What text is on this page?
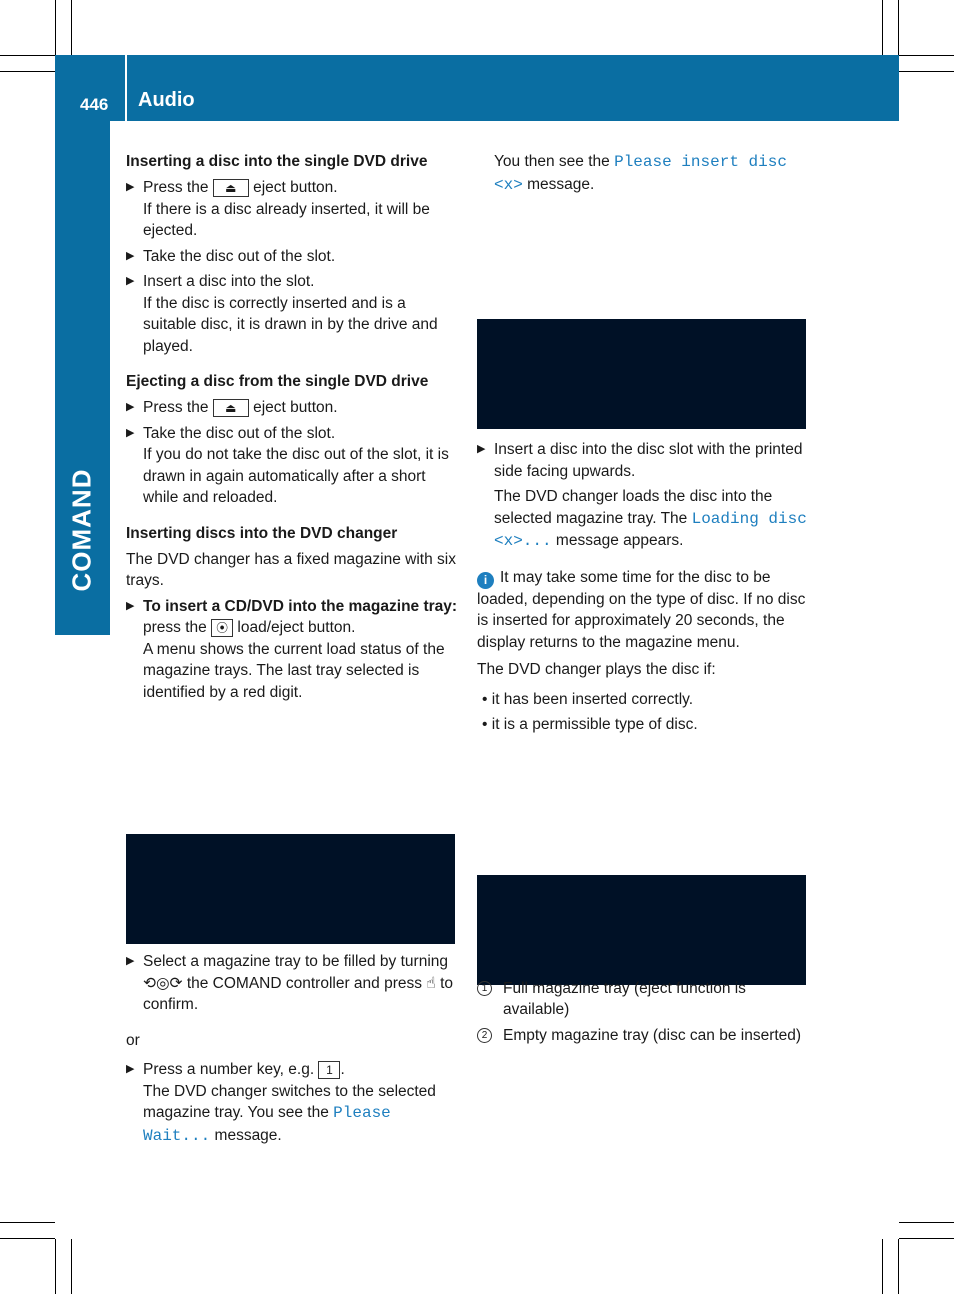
446 Audio
COMAND
Inserting a disc into the single DVD drive
▶ Press the ⏏ eject button.
If there is a disc already inserted, it will be ejected.
▶ Take the disc out of the slot.
▶ Insert a disc into the slot.
If the disc is correctly inserted and is a suitable disc, it is drawn in by the drive and played.
Ejecting a disc from the single DVD drive
▶ Press the ⏏ eject button.
▶ Take the disc out of the slot.
If you do not take the disc out of the slot, it is drawn in again automatically after a short while and reloaded.
Inserting discs into the DVD changer

The DVD changer has a fixed magazine with six trays.

▶ To insert a CD/DVD into the magazine tray: press the ⦿ load/eject button.
A menu shows the current load status of the magazine trays. The last tray selected is identified by a red digit.
▶ Select a magazine tray to be filled by turning ⟲◎⟳ the COMAND controller and press ☝ to confirm.

or

▶ Press a number key, e.g. 1 .
The DVD changer switches to the selected magazine tray. You see the Please Wait... message.

You then see the Please insert disc <x> message.

▶ Insert a disc into the disc slot with the printed side facing upwards.
The DVD changer loads the disc into the selected magazine tray. The Loading disc <x>... message appears.

i It may take some time for the disc to be loaded, depending on the type of disc. If no disc is inserted for approximately 20 seconds, the display returns to the magazine menu.

The DVD changer plays the disc if:

• it has been inserted correctly.
• it is a permissible type of disc.
1	Full magazine tray (eject function is available)
2	Empty magazine tray (disc can be inserted)
